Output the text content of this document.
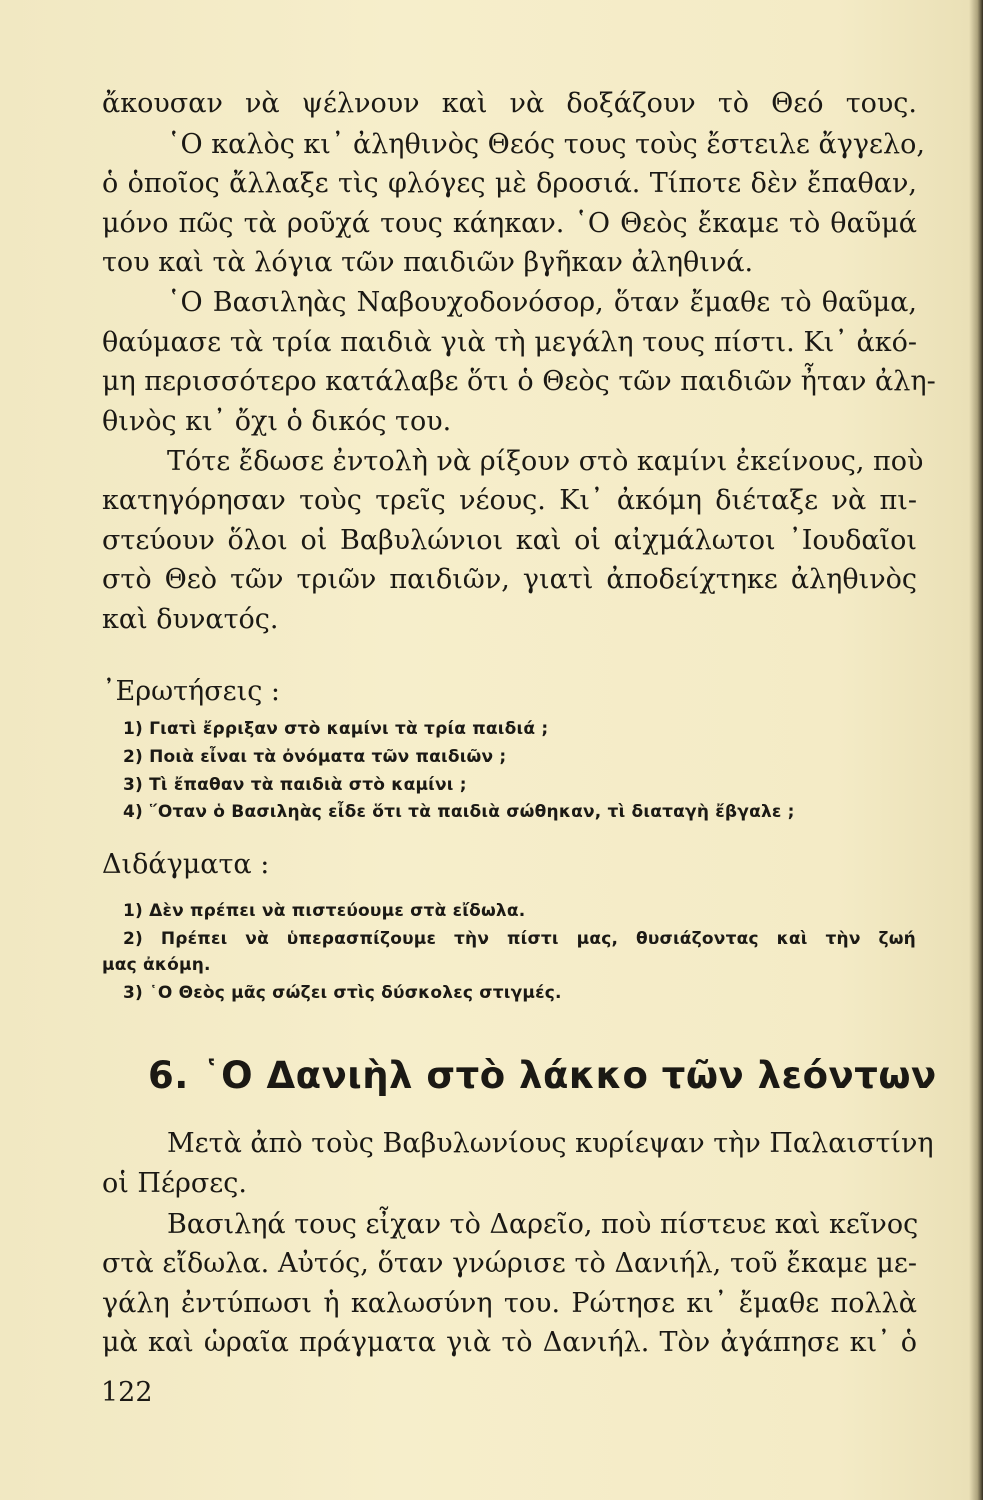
ἄκουσαν νὰ ψέλνουν καὶ νὰ δοξάζουν τὸ Θεό τους.
῾Ο καλὸς κι᾿ ἀληθινὸς Θεός τους τοὺς ἔστειλε ἄγγελο,
ὁ ὁποῖος ἄλλαξε τὶς φλόγες μὲ δροσιά. Τίποτε δὲν ἔπαθαν,
μόνο πῶς τὰ ροῦχά τους κάηκαν. ῾Ο Θεὸς ἔκαμε τὸ θαῦμά
του καὶ τὰ λόγια τῶν παιδιῶν βγῆκαν ἀληθινά.
῾Ο Βασιληὰς Ναβουχοδονόσορ, ὅταν ἔμαθε τὸ θαῦμα,
θαύμασε τὰ τρία παιδιὰ γιὰ τὴ μεγάλη τους πίστι. Κι᾿ ἀκό-
μη περισσότερο κατάλαβε ὅτι ὁ Θεὸς τῶν παιδιῶν ἦταν ἀλη-
θινὸς κι᾿ ὄχι ὁ δικός του.
Τότε ἔδωσε ἐντολὴ νὰ ρίξουν στὸ καμίνι ἐκείνους, ποὺ
κατηγόρησαν τοὺς τρεῖς νέους. Κι᾿ ἀκόμη διέταξε νὰ πι-
στεύουν ὅλοι οἱ Βαβυλώνιοι καὶ οἱ αἰχμάλωτοι ᾿Ιουδαῖοι
στὸ Θεὸ τῶν τριῶν παιδιῶν, γιατὶ ἀποδείχτηκε ἀληθινὸς
καὶ δυνατός.
᾿Ερωτήσεις :
1) Γιατὶ ἔρριξαν στὸ καμίνι τὰ τρία παιδιά ;
2) Ποιὰ εἶναι τὰ ὀνόματα τῶν παιδιῶν ;
3) Τὶ ἔπαθαν τὰ παιδιὰ στὸ καμίνι ;
4) ῞Οταν ὁ Βασιληὰς εἶδε ὅτι τὰ παιδιὰ σώθηκαν, τὶ διαταγὴ ἔβγαλε ;
Διδάγματα :
1) Δὲν πρέπει νὰ πιστεύουμε στὰ εἴδωλα.
2) Πρέπει νὰ ὑπερασπίζουμε τὴν πίστι μας, θυσιάζοντας καὶ τὴν ζωή
μας ἀκόμη.
3) ῾Ο Θεὸς μᾶς σώζει στὶς δύσκολες στιγμές.
6. ῾Ο Δανιὴλ στὸ λάκκο τῶν λεόντων
Μετὰ ἀπὸ τοὺς Βαβυλωνίους κυρίεψαν τὴν Παλαιστίνη
οἱ Πέρσες.
Βασιληά τους εἶχαν τὸ Δαρεῖο, ποὺ πίστευε καὶ κεῖνος
στὰ εἴδωλα. Αὐτός, ὅταν γνώρισε τὸ Δανιήλ, τοῦ ἔκαμε με-
γάλη ἐντύπωσι ἡ καλωσύνη του. Ρώτησε κι᾿ ἔμαθε πολλὰ
μὰ καὶ ὡραῖα πράγματα γιὰ τὸ Δανιήλ. Τὸν ἀγάπησε κι᾿ ὁ
122
